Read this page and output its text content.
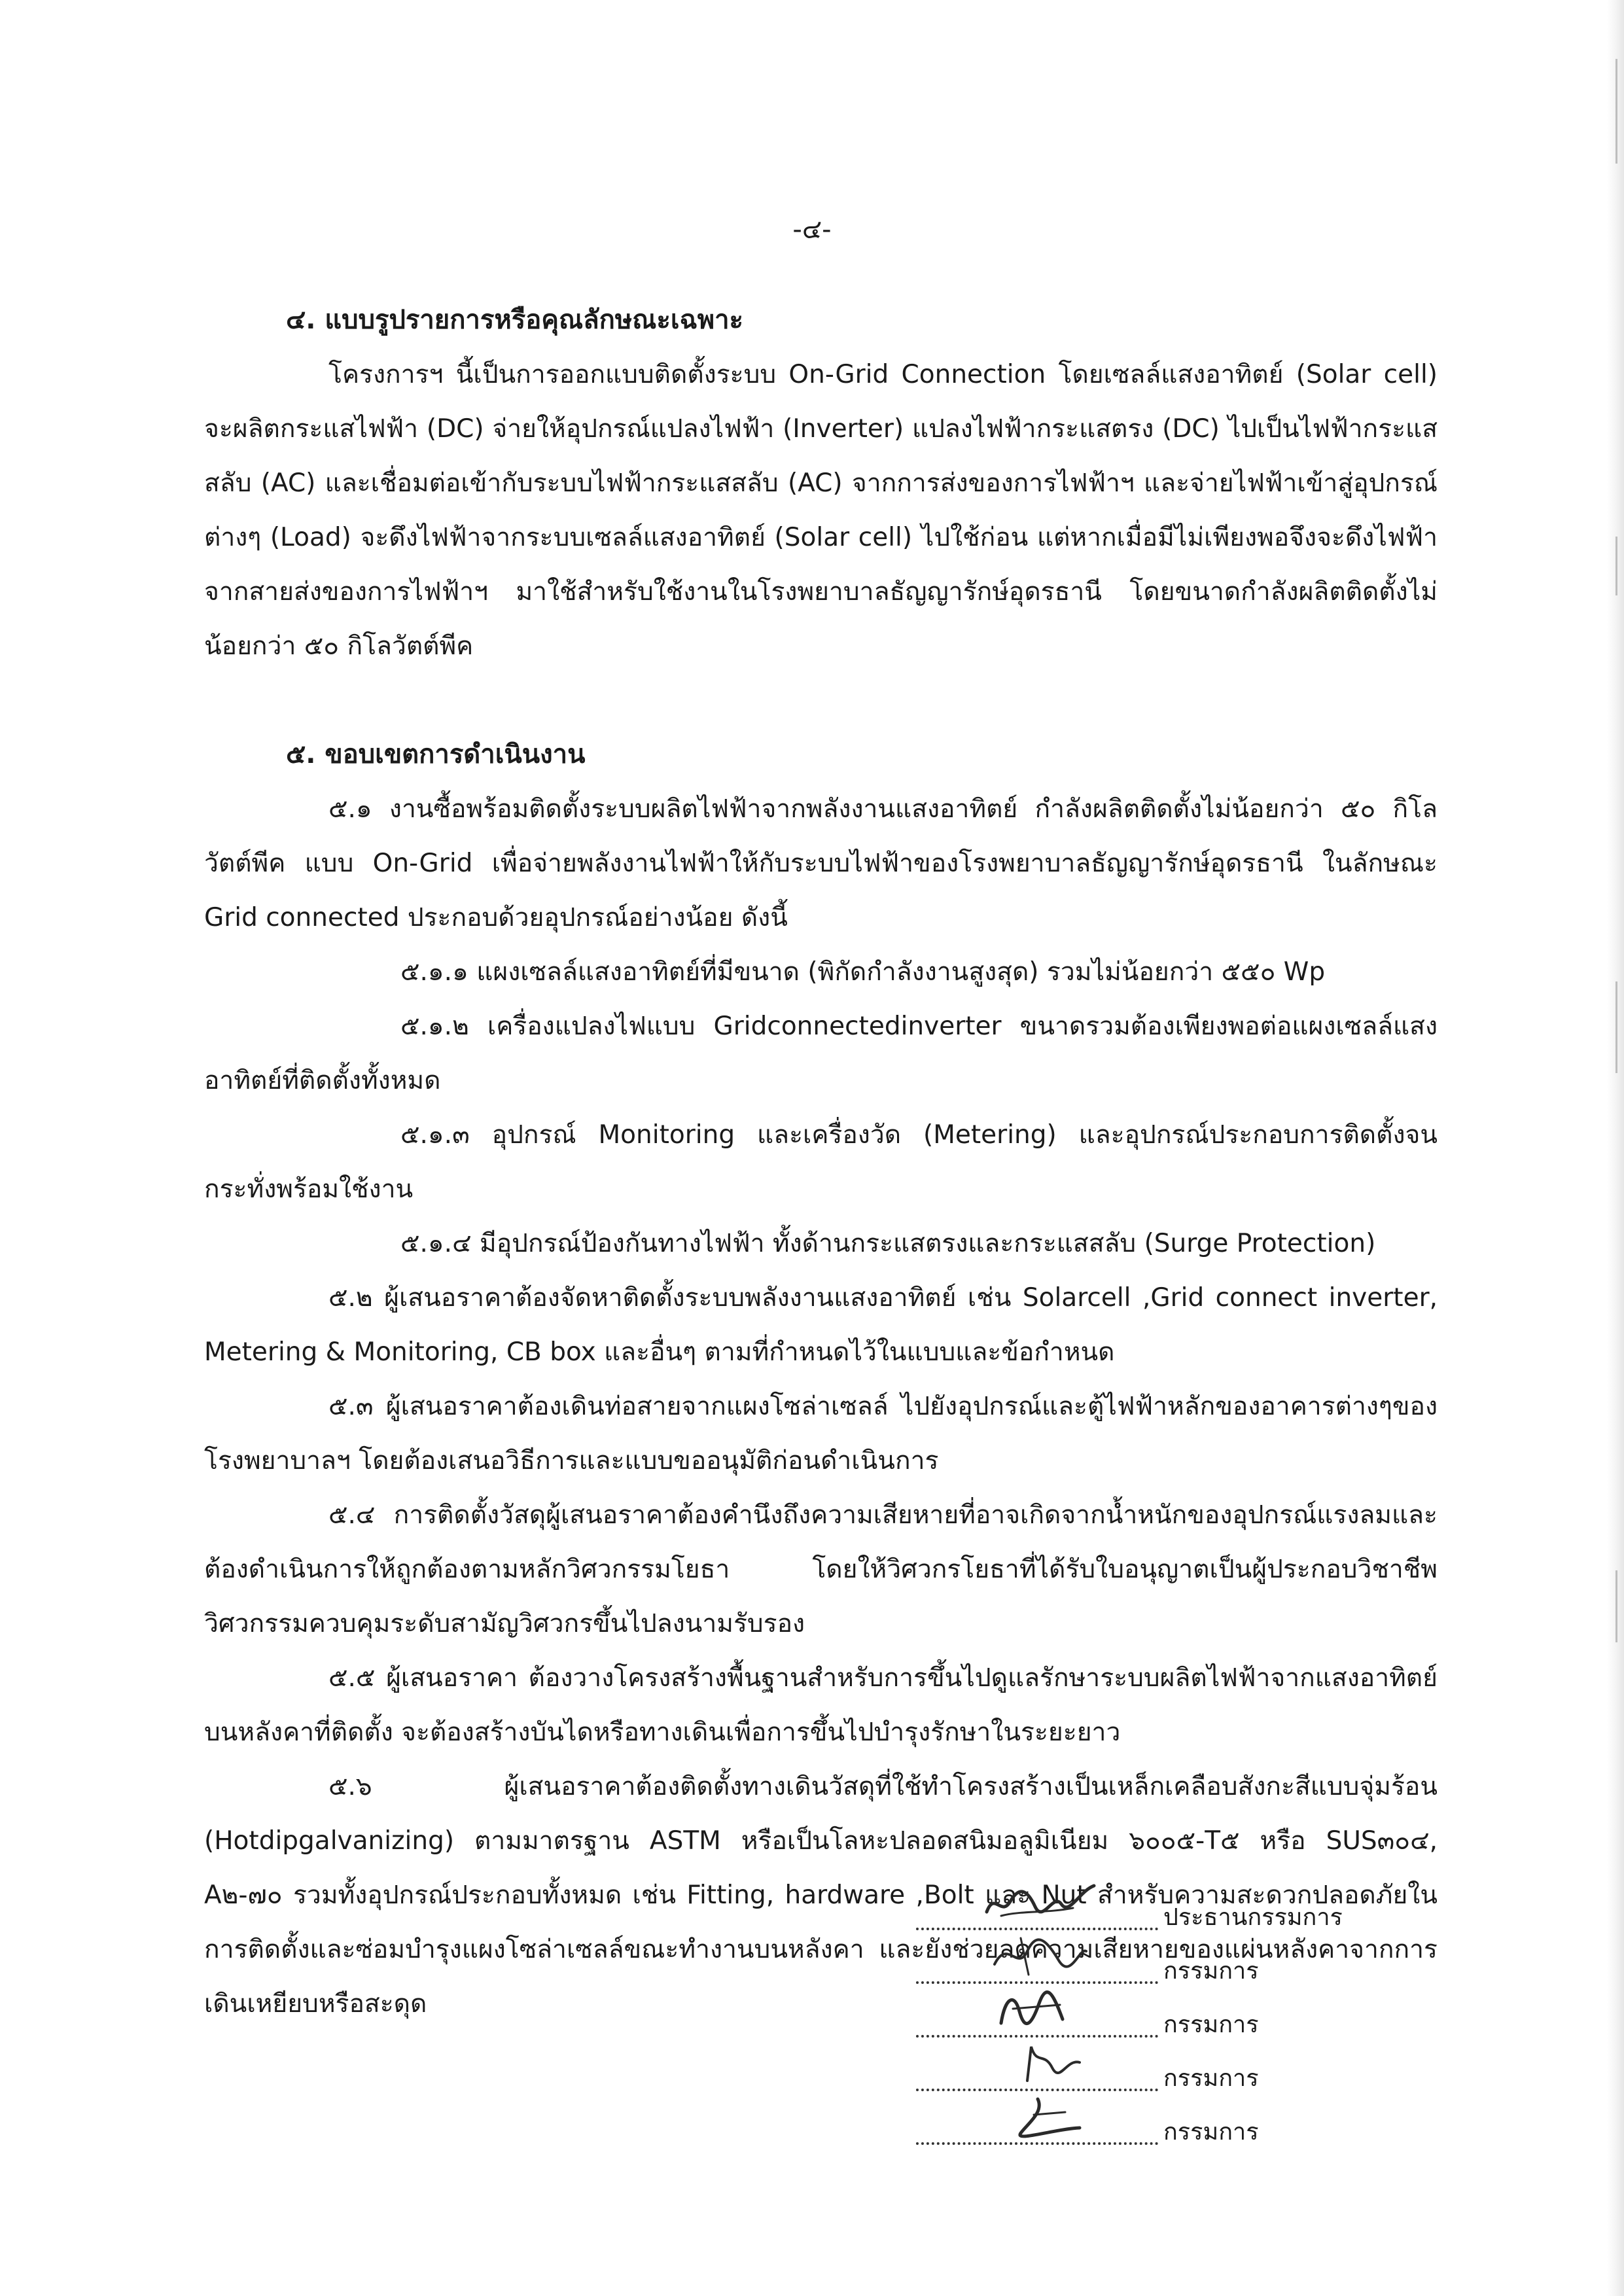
-๔-

๔. แบบรูปรายการหรือคุณลักษณะเฉพาะ

โครงการฯ นี้เป็นการออกแบบติดตั้งระบบ On-Grid Connection โดยเซลล์แสงอาทิตย์ (Solar cell) จะผลิตกระแสไฟฟ้า (DC) จ่ายให้อุปกรณ์แปลงไฟฟ้า (Inverter) แปลงไฟฟ้ากระแสตรง (DC) ไปเป็นไฟฟ้ากระแสสลับ (AC) และเชื่อมต่อเข้ากับระบบไฟฟ้ากระแสสลับ (AC) จากการส่งของการไฟฟ้าฯ และจ่ายไฟฟ้าเข้าสู่อุปกรณ์ต่างๆ (Load) จะดึงไฟฟ้าจากระบบเซลล์แสงอาทิตย์ (Solar cell) ไปใช้ก่อน แต่หากเมื่อมีไม่เพียงพอจึงจะดึงไฟฟ้าจากสายส่งของการไฟฟ้าฯ มาใช้สำหรับใช้งานในโรงพยาบาลธัญญารักษ์อุดรธานี โดยขนาดกำลังผลิตติดตั้งไม่น้อยกว่า ๕๐ กิโลวัตต์พีค

๕. ขอบเขตการดำเนินงาน

๕.๑ งานซื้อพร้อมติดตั้งระบบผลิตไฟฟ้าจากพลังงานแสงอาทิตย์ กำลังผลิตติดตั้งไม่น้อยกว่า ๕๐ กิโลวัตต์พีค แบบ On-Grid เพื่อจ่ายพลังงานไฟฟ้าให้กับระบบไฟฟ้าของโรงพยาบาลธัญญารักษ์อุดรธานี ในลักษณะ Grid connected ประกอบด้วยอุปกรณ์อย่างน้อย ดังนี้

๕.๑.๑ แผงเซลล์แสงอาทิตย์ที่มีขนาด (พิกัดกำลังงานสูงสุด) รวมไม่น้อยกว่า ๕๕๐ Wp

๕.๑.๒ เครื่องแปลงไฟแบบ Gridconnectedinverter ขนาดรวมต้องเพียงพอต่อแผงเซลล์แสงอาทิตย์ที่ติดตั้งทั้งหมด

๕.๑.๓ อุปกรณ์ Monitoring และเครื่องวัด (Metering) และอุปกรณ์ประกอบการติดตั้งจนกระทั่งพร้อมใช้งาน

๕.๑.๔ มีอุปกรณ์ป้องกันทางไฟฟ้า ทั้งด้านกระแสตรงและกระแสสลับ (Surge Protection)

๕.๒ ผู้เสนอราคาต้องจัดหาติดตั้งระบบพลังงานแสงอาทิตย์ เช่น Solarcell ,Grid connect inverter, Metering & Monitoring, CB box และอื่นๆ ตามที่กำหนดไว้ในแบบและข้อกำหนด

๕.๓ ผู้เสนอราคาต้องเดินท่อสายจากแผงโซล่าเซลล์ ไปยังอุปกรณ์และตู้ไฟฟ้าหลักของอาคารต่างๆของโรงพยาบาลฯ โดยต้องเสนอวิธีการและแบบขออนุมัติก่อนดำเนินการ

๕.๔ การติดตั้งวัสดุผู้เสนอราคาต้องคำนึงถึงความเสียหายที่อาจเกิดจากน้ำหนักของอุปกรณ์แรงลมและต้องดำเนินการให้ถูกต้องตามหลักวิศวกรรมโยธา โดยให้วิศวกรโยธาที่ได้รับใบอนุญาตเป็นผู้ประกอบวิชาชีพวิศวกรรมควบคุมระดับสามัญวิศวกรขึ้นไปลงนามรับรอง

๕.๕ ผู้เสนอราคา ต้องวางโครงสร้างพื้นฐานสำหรับการขึ้นไปดูแลรักษาระบบผลิตไฟฟ้าจากแสงอาทิตย์บนหลังคาที่ติดตั้ง จะต้องสร้างบันไดหรือทางเดินเพื่อการขึ้นไปบำรุงรักษาในระยะยาว

๕.๖ ผู้เสนอราคาต้องติดตั้งทางเดินวัสดุที่ใช้ทำโครงสร้างเป็นเหล็กเคลือบสังกะสีแบบจุ่มร้อน (Hotdipgalvanizing) ตามมาตรฐาน ASTM หรือเป็นโลหะปลอดสนิมอลูมิเนียม ๖๐๐๕-T๕ หรือ SUS๓๐๔, A๒-๗๐ รวมทั้งอุปกรณ์ประกอบทั้งหมด เช่น Fitting, hardware ,Bolt และ Nut สำหรับความสะดวกปลอดภัยในการติดตั้งและซ่อมบำรุงแผงโซล่าเซลล์ขณะทำงานบนหลังคา และยังช่วยลดความเสียหายของแผ่นหลังคาจากการเดินเหยียบหรือสะดุด

ประธานกรรมการ
กรรมการ
กรรมการ
กรรมการ
กรรมการ
